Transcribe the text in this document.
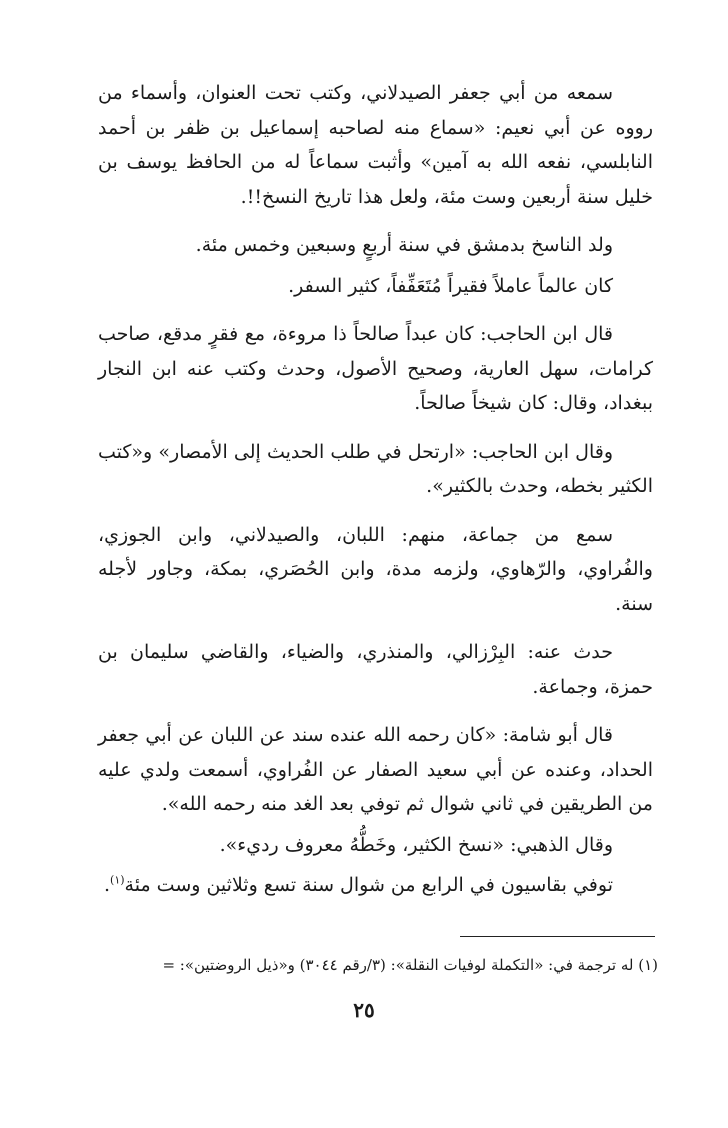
سمعه من أبي جعفر الصيدلاني، وكتب تحت العنوان، وأسماء من رووه عن أبي نعيم: «سماع منه لصاحبه إسماعيل بن ظفر بن أحمد النابلسي، نفعه الله به آمين» وأثبت سماعاً له من الحافظ يوسف بن خليل سنة أربعين وست مئة، ولعل هذا تاريخ النسخ!!.

ولد الناسخ بدمشق في سنة أربعٍ وسبعين وخمس مئة.

كان عالماً عاملاً فقيراً مُتَعَفِّفاً، كثير السفر.

قال ابن الحاجب: كان عبداً صالحاً ذا مروءة، مع فقرٍ مدقع، صاحب كرامات، سهل العارية، وصحيح الأصول، وحدث وكتب عنه ابن النجار ببغداد، وقال: كان شيخاً صالحاً.

وقال ابن الحاجب: «ارتحل في طلب الحديث إلى الأمصار» و«كتب الكثير بخطه، وحدث بالكثير».

سمع من جماعة، منهم: اللبان، والصيدلاني، وابن الجوزي، والفُراوي، والرّهاوي، ولزمه مدة، وابن الحُصَري، بمكة، وجاور لأجله سنة.

حدث عنه: البِرْزالي، والمنذري، والضياء، والقاضي سليمان بن حمزة، وجماعة.

قال أبو شامة: «كان رحمه الله عنده سند عن اللبان عن أبي جعفر الحداد، وعنده عن أبي سعيد الصفار عن الفُراوي، أسمعت ولدي عليه من الطريقين في ثاني شوال ثم توفي بعد الغد منه رحمه الله».

وقال الذهبي: «نسخ الكثير، وخَطُّهُ معروف رديء».

توفي بقاسيون في الرابع من شوال سنة تسع وثلاثين وست مئة$^{(١)}$.

(١) له ترجمة في: «التكملة لوفيات النقلة»: (٣/رقم ٣٠٤٤) و«ذيل الروضتين»: =
٢٥
